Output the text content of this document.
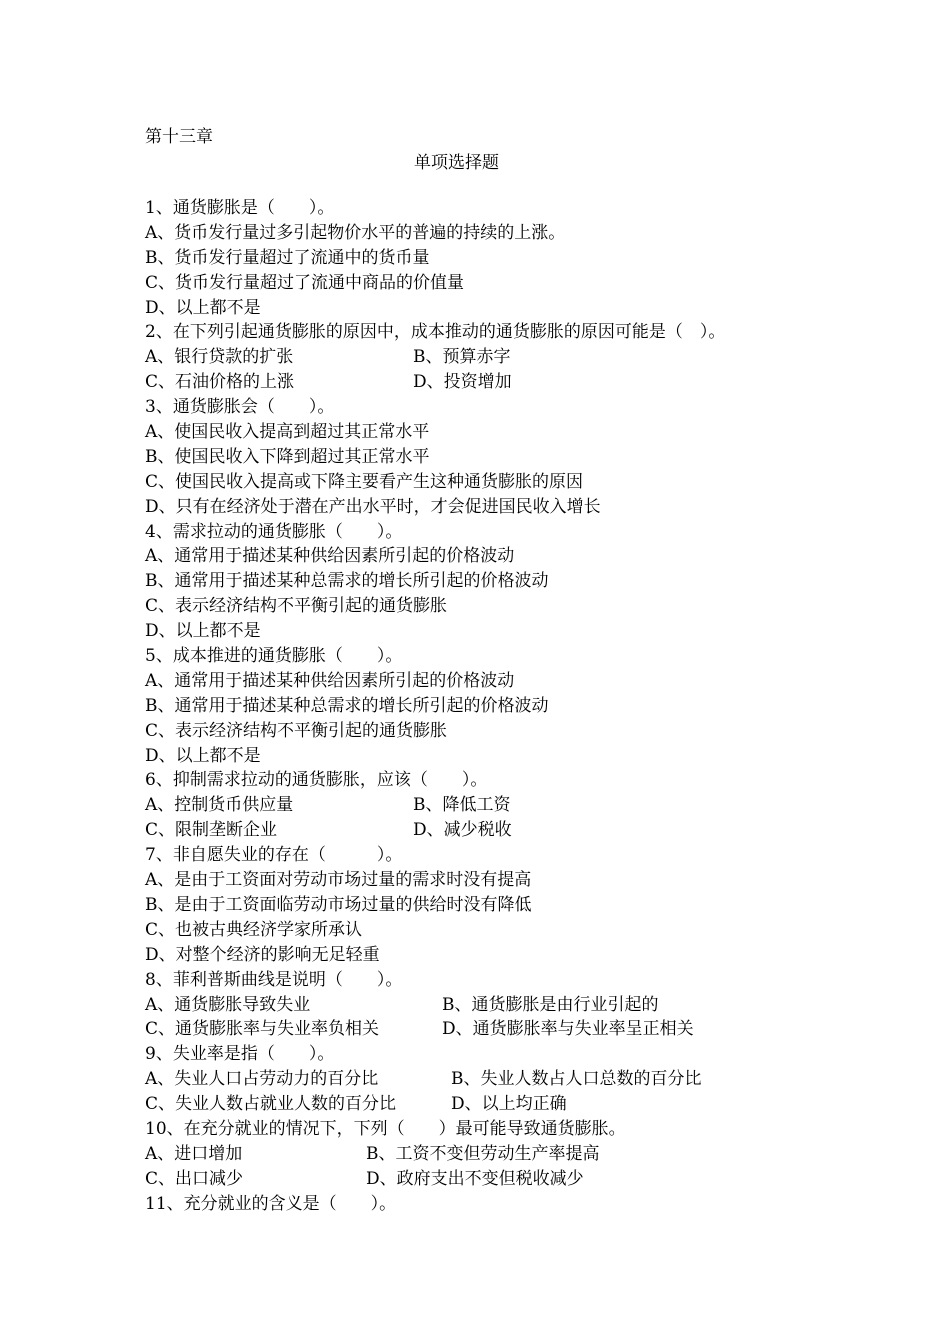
第十三章
单项选择题
1、通货膨胀是（　　）。
A、货币发行量过多引起物价水平的普遍的持续的上涨。
B、货币发行量超过了流通中的货币量
C、货币发行量超过了流通中商品的价值量
D、以上都不是
2、在下列引起通货膨胀的原因中，成本推动的通货膨胀的原因可能是（　）。
A、银行贷款的扩张	B、预算赤字
C、石油价格的上涨	D、投资增加
3、通货膨胀会（　　）。
A、使国民收入提高到超过其正常水平
B、使国民收入下降到超过其正常水平
C、使国民收入提高或下降主要看产生这种通货膨胀的原因
D、只有在经济处于潜在产出水平时，才会促进国民收入增长
4、需求拉动的通货膨胀（　　）。
A、通常用于描述某种供给因素所引起的价格波动
B、通常用于描述某种总需求的增长所引起的价格波动
C、表示经济结构不平衡引起的通货膨胀
D、以上都不是
5、成本推进的通货膨胀（　　）。
A、通常用于描述某种供给因素所引起的价格波动
B、通常用于描述某种总需求的增长所引起的价格波动
C、表示经济结构不平衡引起的通货膨胀
D、以上都不是
6、抑制需求拉动的通货膨胀，应该（　　）。
A、控制货币供应量	B、降低工资
C、限制垄断企业	D、减少税收
7、非自愿失业的存在（　　　）。
A、是由于工资面对劳动市场过量的需求时没有提高
B、是由于工资面临劳动市场过量的供给时没有降低
C、也被古典经济学家所承认
D、对整个经济的影响无足轻重
8、菲利普斯曲线是说明（　　）。
A、通货膨胀导致失业	B、通货膨胀是由行业引起的
C、通货膨胀率与失业率负相关	D、通货膨胀率与失业率呈正相关
9、失业率是指（　　）。
A、失业人口占劳动力的百分比	B、失业人数占人口总数的百分比
C、失业人数占就业人数的百分比	D、以上均正确
10、在充分就业的情况下，下列（　　）最可能导致通货膨胀。
A、进口增加	B、工资不变但劳动生产率提高
C、出口减少	D、政府支出不变但税收减少
11、充分就业的含义是（　　）。
